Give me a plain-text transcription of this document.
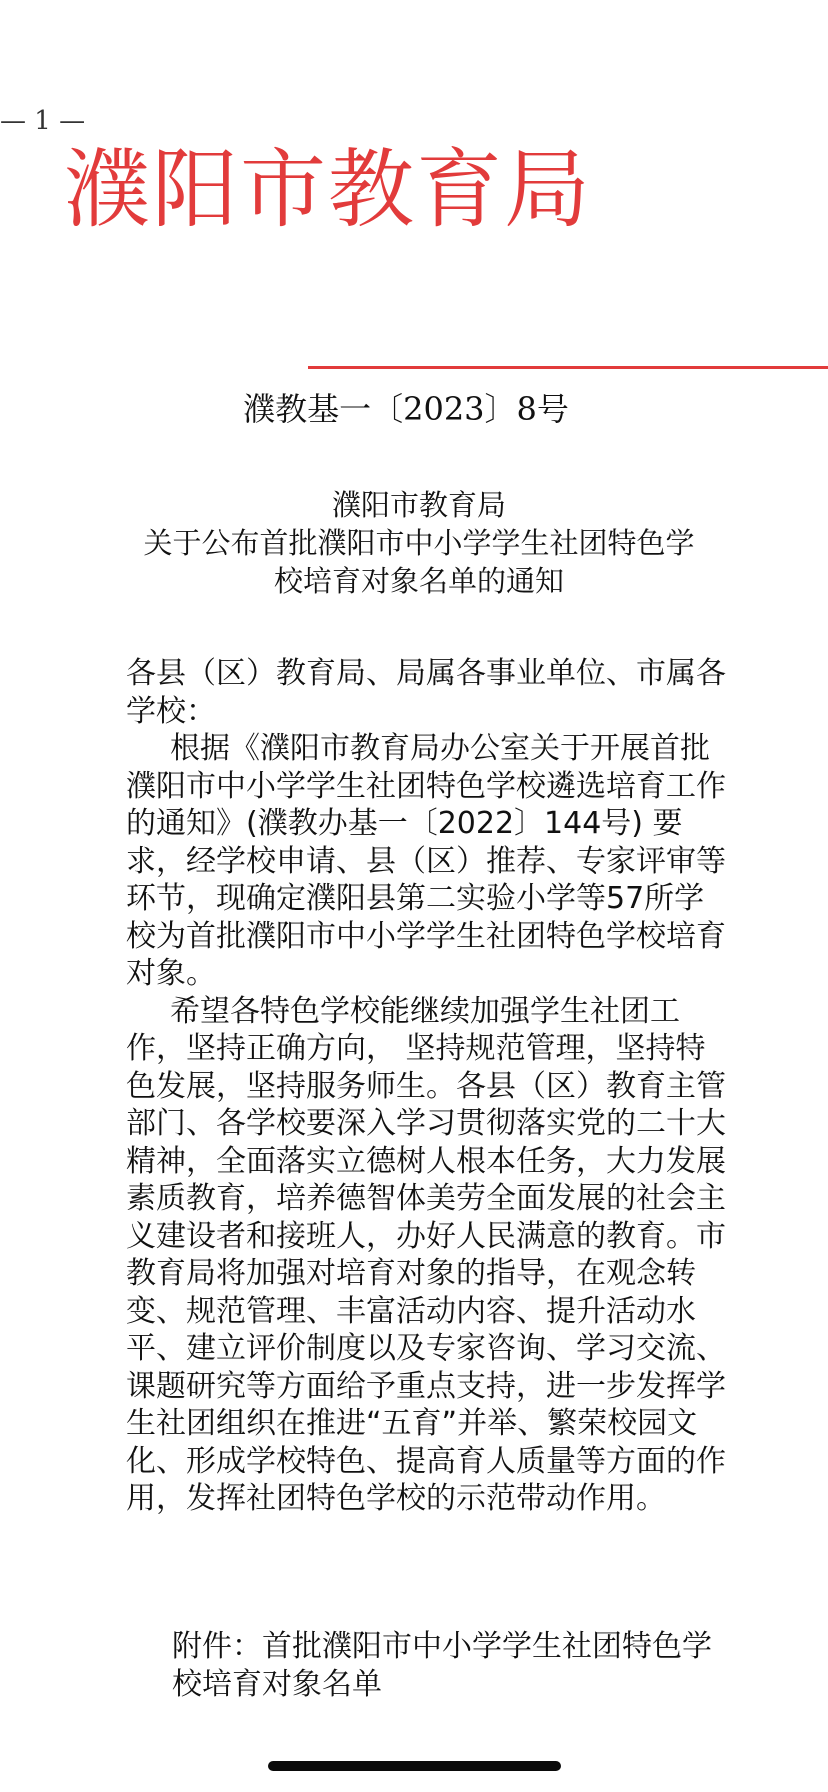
— 1 —
濮阳市教育局
濮教基一〔2023〕8号
濮阳市教育局
关于公布首批濮阳市中小学学生社团特色学
校培育对象名单的通知

各县（区）教育局、局属各事业单位、市属各学校：

根据《濮阳市教育局办公室关于开展首批濮阳市中小学学生社团特色学校遴选培育工作的通知》(濮教办基一〔2022〕144号) 要求，经学校申请、县（区）推荐、专家评审等环节，现确定濮阳县第二实验小学等57所学校为首批濮阳市中小学学生社团特色学校培育对象。

希望各特色学校能继续加强学生社团工作，坚持正确方向， 坚持规范管理，坚持特色发展，坚持服务师生。各县（区）教育主管部门、各学校要深入学习贯彻落实党的二十大精神，全面落实立德树人根本任务，大力发展素质教育，培养德智体美劳全面发展的社会主义建设者和接班人，办好人民满意的教育。市教育局将加强对培育对象的指导，在观念转变、规范管理、丰富活动内容、提升活动水平、建立评价制度以及专家咨询、学习交流、课题研究等方面给予重点支持，进一步发挥学生社团组织在推进“五育”并举、繁荣校园文化、形成学校特色、提高育人质量等方面的作用，发挥社团特色学校的示范带动作用。

附件：首批濮阳市中小学学生社团特色学校培育对象名单
